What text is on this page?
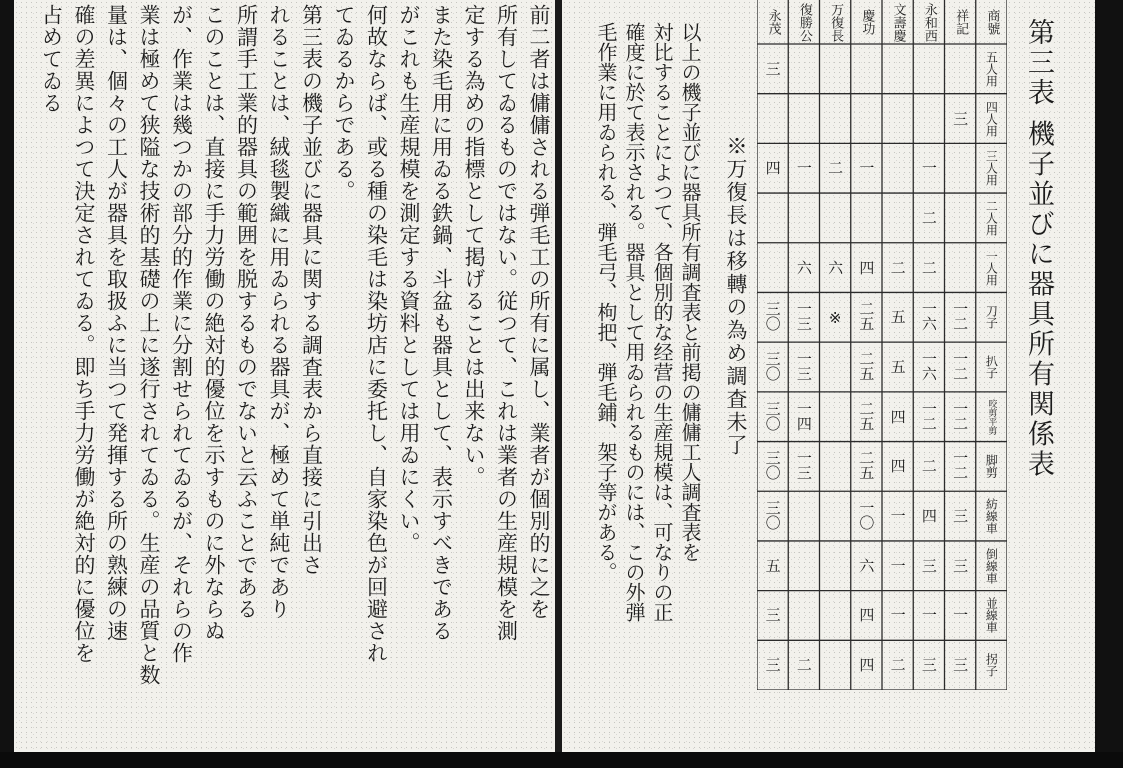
前二者は傭傭される弾毛工の所有に属し、業者が個別的に之を
所有してゐるものではない。従つて、これは業者の生産規模を測
定する為めの指標として掲げることは出来ない。
また染毛用に用ゐる鉄鍋、斗盆も器具として、表示すべきである
がこれも生産規模を測定する資料としては用ゐにくい。
何故ならば、或る種の染毛は染坊店に委托し、自家染色が回避され
てゐるからである。
第三表の機子並びに器具に関する調査表から直接に引出さ
れることは、絨毯製織に用ゐられる器具が、極めて単純であり
所謂手工業的器具の範囲を脱するものでないと云ふことである
このことは、直接に手力労働の絶対的優位を示すものに外ならぬ
が、作業は幾つかの部分的作業に分割せられてゐるが、それらの作
業は極めて狭隘な技術的基礎の上に遂行されてゐる。生産の品質と数
量は、個々の工人が器具を取扱ふに当つて発揮する所の熟練の速
確の差異によつて決定されてゐる。即ち手力労働が絶対的に優位を
占めてゐる	第三表 機子並びに器具所有関係表
商號
祥記
永和西
文壽慶
慶功
万復長
復勝公
永茂
五人用
四人用
三人用
二人用
一人用
刀子
扒子
咬剪平剪
脚剪
紡線車
倒線車
並線車
拐子
三
一二
一二
一二
一二
三
三
一
三
一
二
二
一六
一六
一二
二
四
三
一
三
二
五
五
四
四
一
一
一
二
一
四
二五
二五
二五
二五
一〇
六
四
四
二
六
※
一
六
一三
一三
一四
一三
二
三
四
三〇
三〇
三〇
三〇
三〇
五
三
三
以上の機子並びに器具所有調査表と前掲の傭傭工人調査表を
対比することによつて、各個別的な经营の生産規模は、可なりの正
確度に於て表示される。器具として用ゐられるものには、この外弾
毛作業に用ゐられる、弾毛弓、枸把、弾毛鋪、架子等がある。	※万復長は移轉の為め調査未了
